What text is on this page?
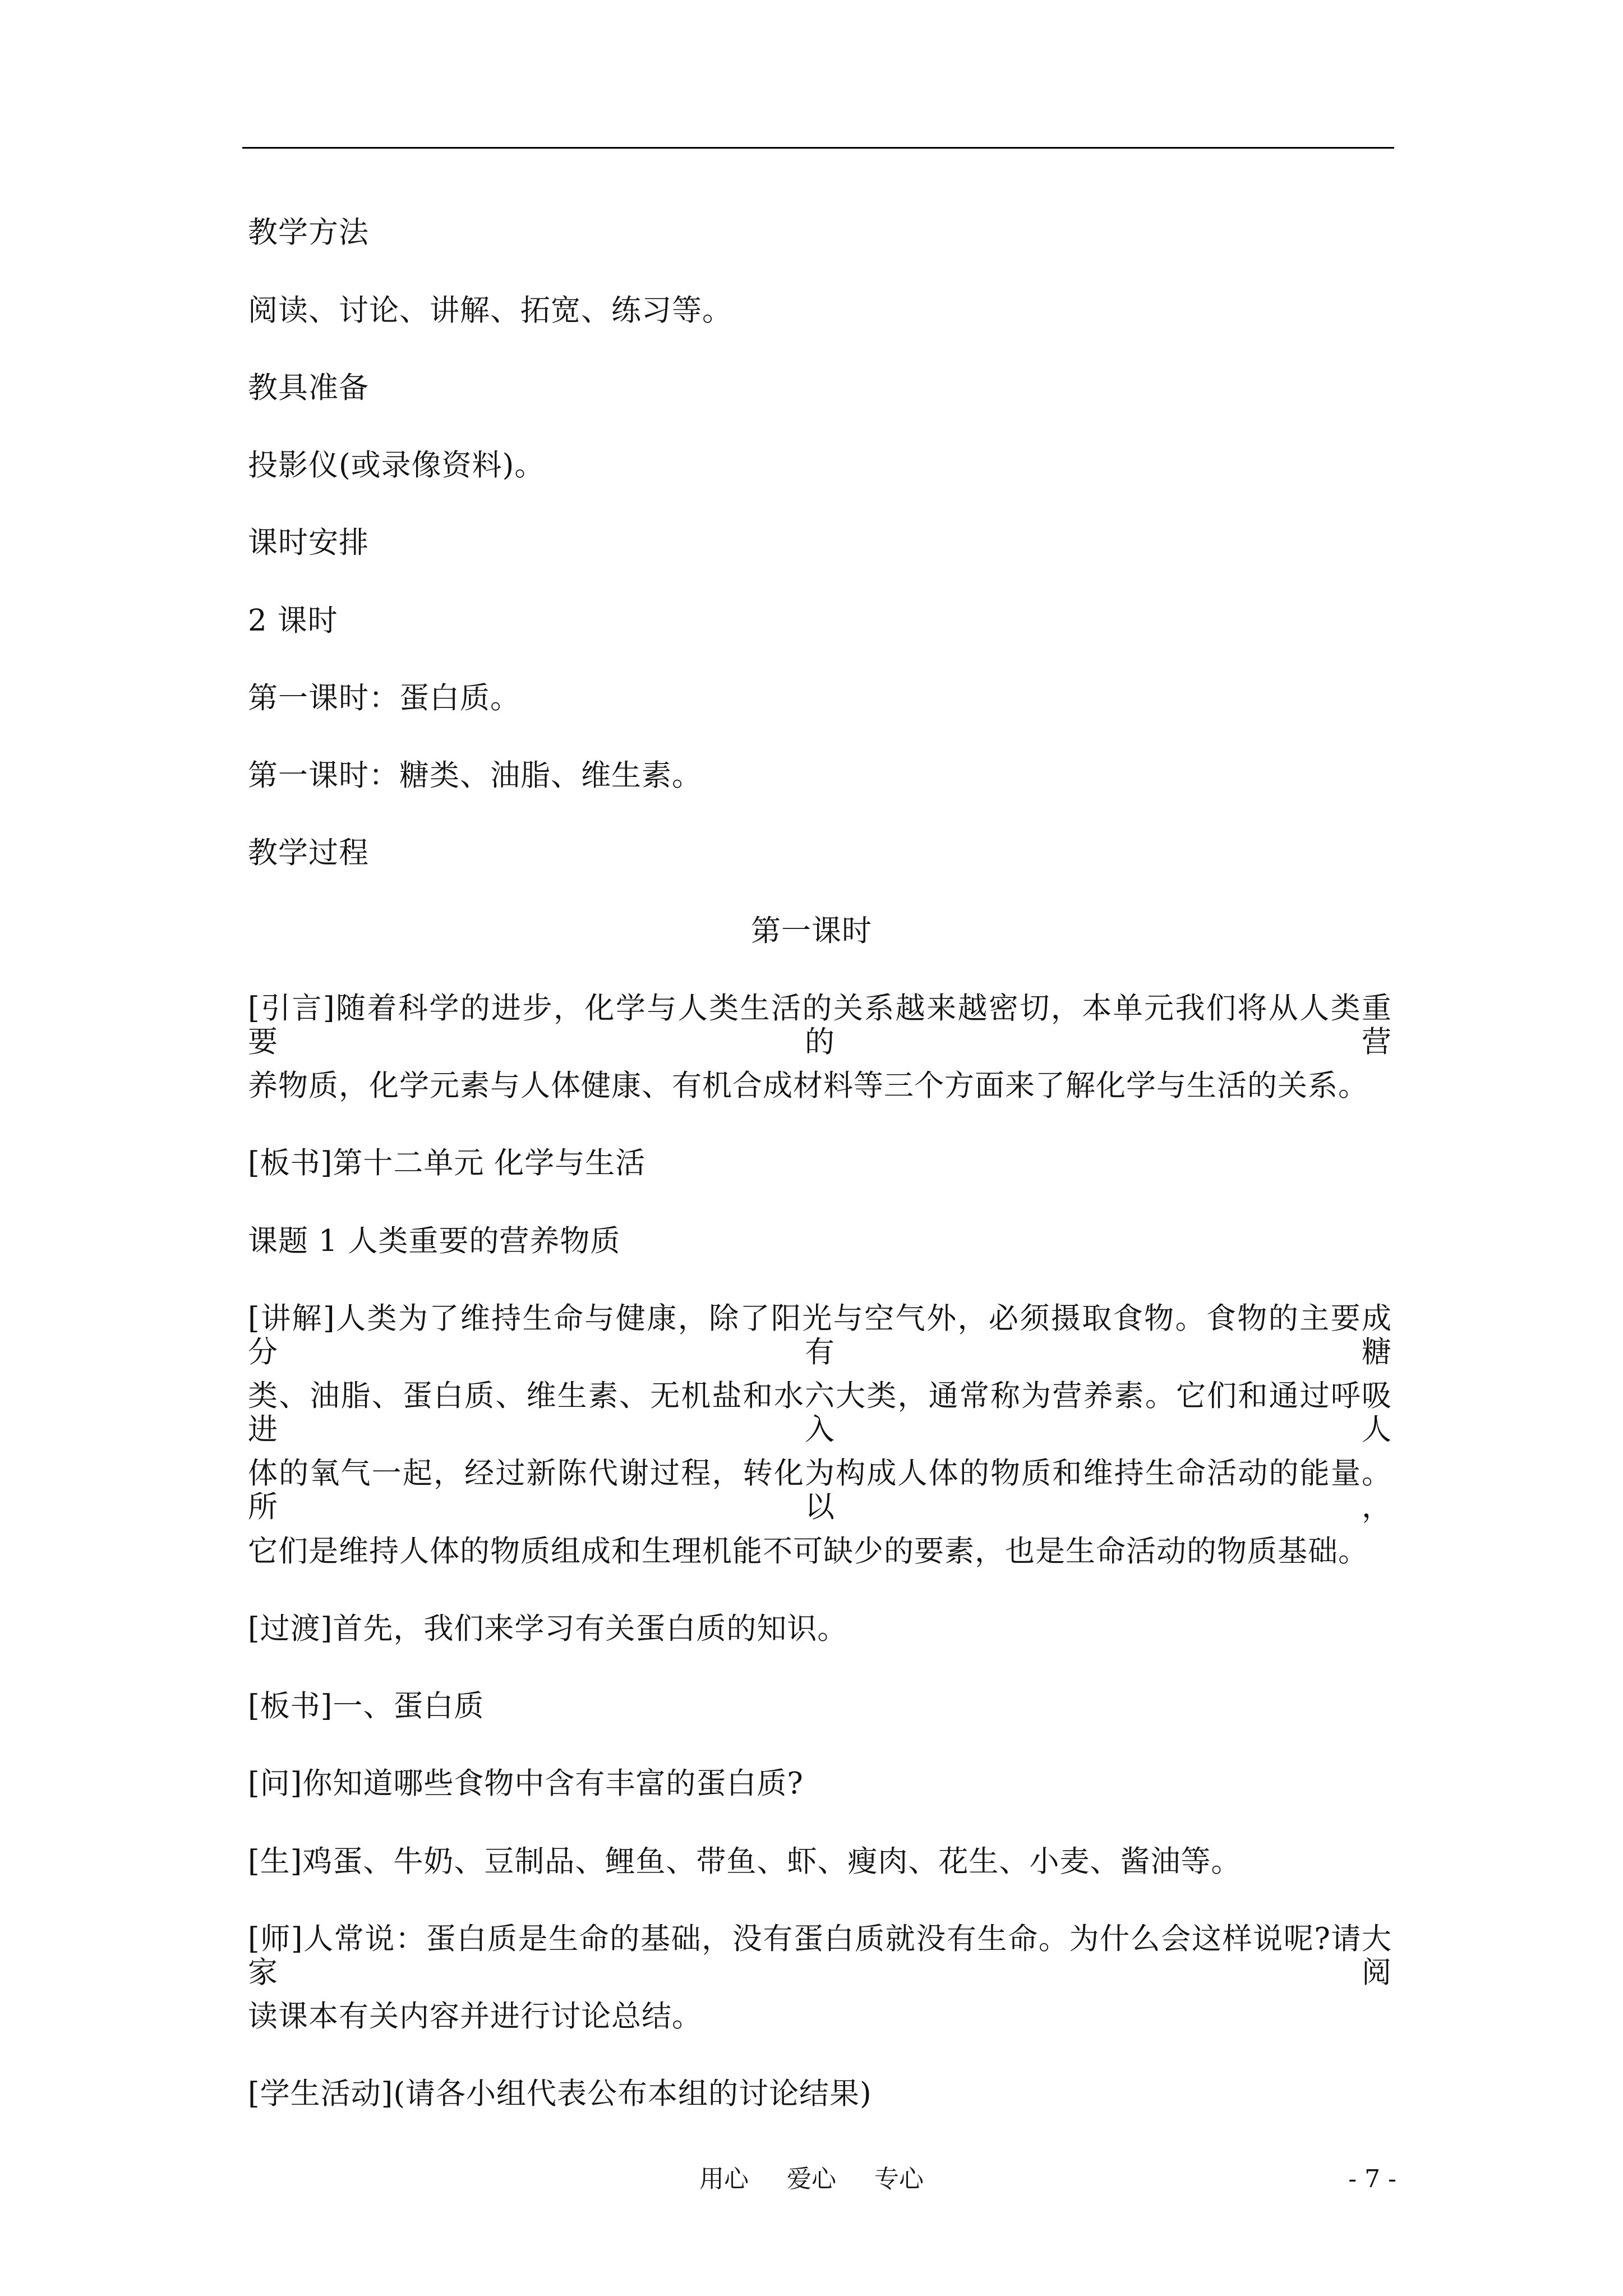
教学方法
阅读、讨论、讲解、拓宽、练习等。
教具准备
投影仪(或录像资料)。
课时安排
2 课时
第一课时：蛋白质。
第一课时：糖类、油脂、维生素。
教学过程
第一课时
[引言]随着科学的进步，化学与人类生活的关系越来越密切，本单元我们将从人类重要的营
养物质，化学元素与人体健康、有机合成材料等三个方面来了解化学与生活的关系。
[板书]第十二单元 化学与生活
课题 1 人类重要的营养物质
[讲解]人类为了维持生命与健康，除了阳光与空气外，必须摄取食物。食物的主要成分有糖
类、油脂、蛋白质、维生素、无机盐和水六大类，通常称为营养素。它们和通过呼吸进入人
体的氧气一起，经过新陈代谢过程，转化为构成人体的物质和维持生命活动的能量。所以，
它们是维持人体的物质组成和生理机能不可缺少的要素，也是生命活动的物质基础。
[过渡]首先，我们来学习有关蛋白质的知识。
[板书]一、蛋白质
[问]你知道哪些食物中含有丰富的蛋白质?
[生]鸡蛋、牛奶、豆制品、鲤鱼、带鱼、虾、瘦肉、花生、小麦、酱油等。
[师]人常说：蛋白质是生命的基础，没有蛋白质就没有生命。为什么会这样说呢?请大家阅
读课本有关内容并进行讨论总结。
[学生活动](请各小组代表公布本组的讨论结果)
用心 爱心 专心	- 7 -
